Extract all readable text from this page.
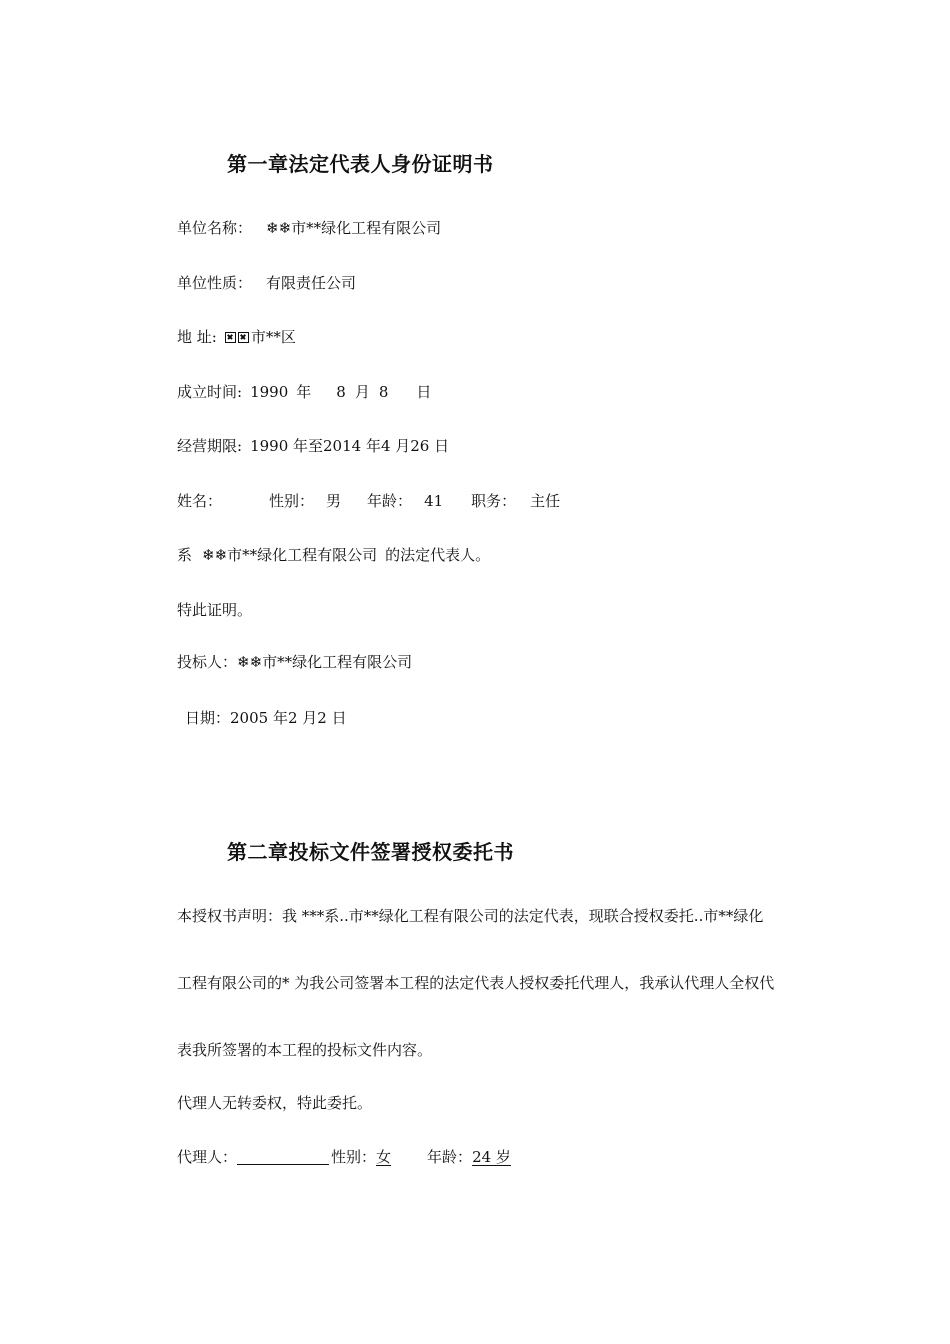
第一章法定代表人身份证明书
单位名称： ❄❄市**绿化工程有限公司
单位性质： 有限责任公司
地 址: 市**区
成立时间: 1990 年 8 月 8 日
经营期限: 1990 年至2014 年4 月26 日
姓名：	性别： 男 年龄： 41 职务： 主任
系 ❄❄市**绿化工程有限公司 的法定代表人。
特此证明。
投标人：❄❄市**绿化工程有限公司
日期：2005 年2 月2 日
第二章投标文件签署授权委托书
本授权书声明：我 ***系..市**绿化工程有限公司的法定代表，现联合授权委托..市**绿化
工程有限公司的* 为我公司签署本工程的法定代表人授权委托代理人，我承认代理人全权代
表我所签署的本工程的投标文件内容。
代理人无转委权，特此委托。
代理人：	性别：女 年龄：24 岁
